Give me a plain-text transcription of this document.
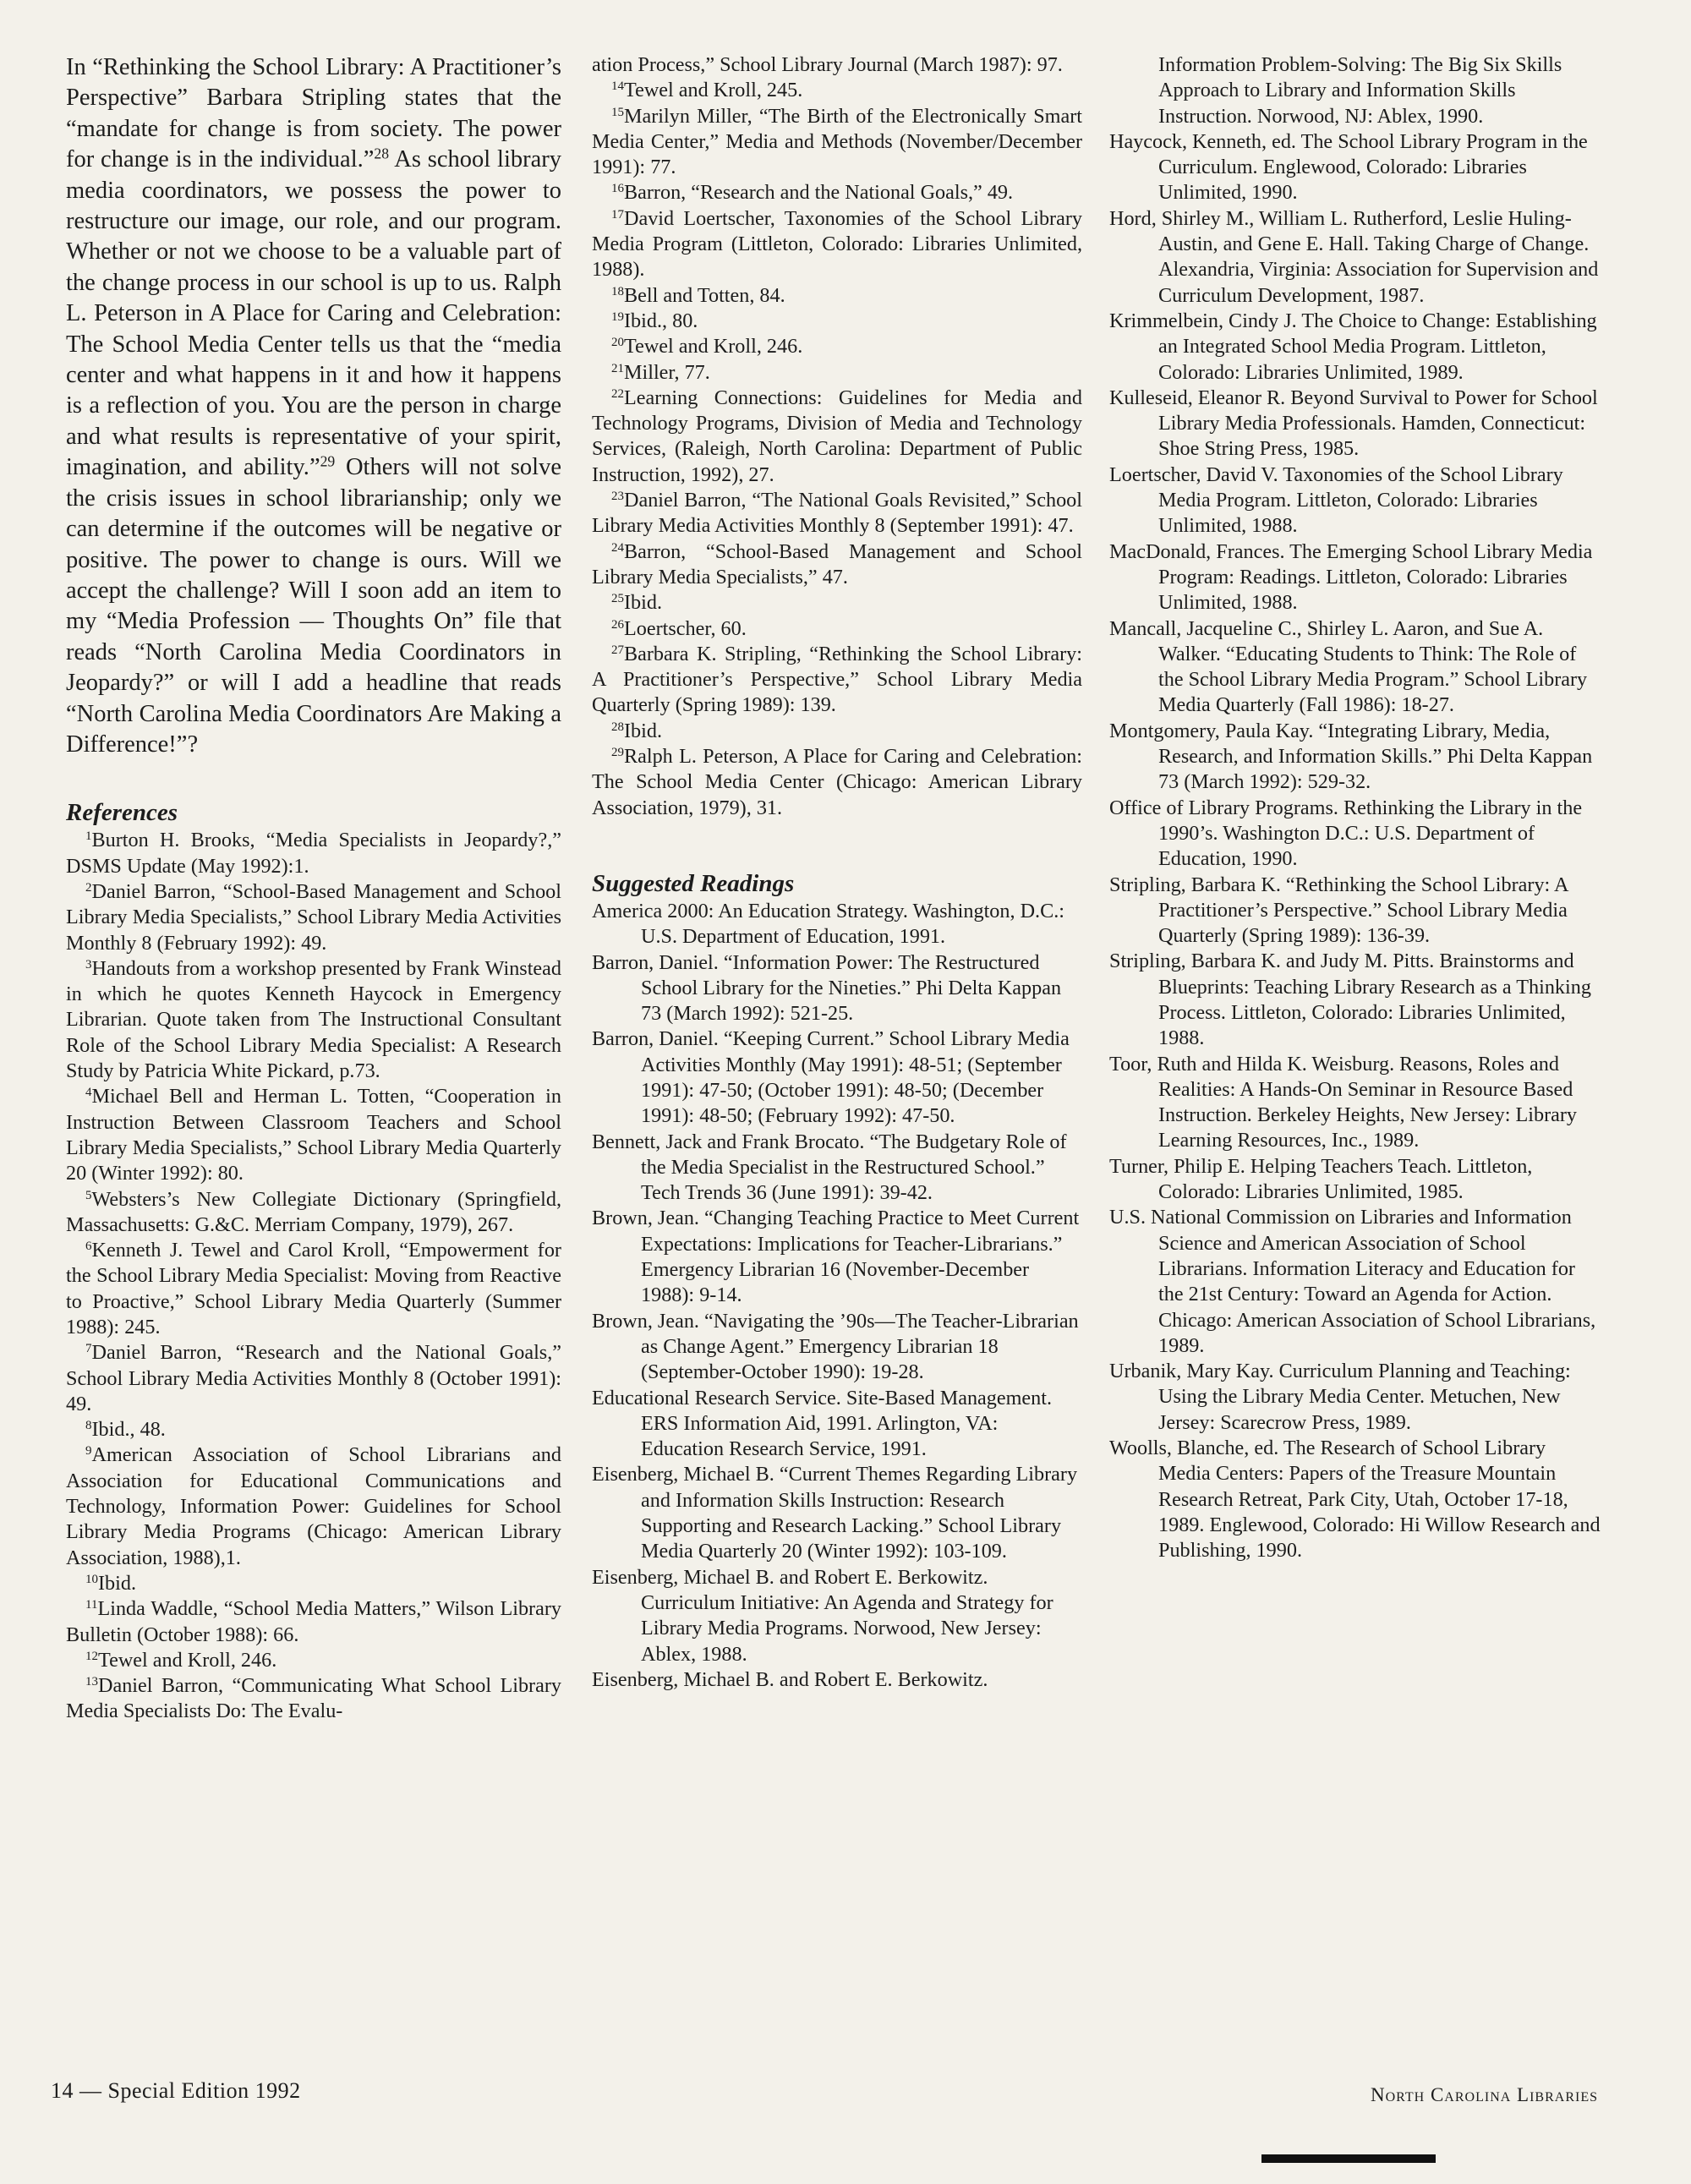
In “Rethinking the School Library: A Practitioner’s Perspective” Barbara Stripling states that the “mandate for change is from society. The power for change is in the individual.”$^{28}$ As school library media coordinators, we possess the power to restructure our image, our role, and our program. Whether or not we choose to be a valuable part of the change process in our school is up to us. Ralph L. Peterson in A Place for Caring and Celebration: The School Media Center tells us that the “media center and what happens in it and how it happens is a reflection of you. You are the person in charge and what results is representative of your spirit, imagination, and ability.”$^{29}$ Others will not solve the crisis issues in school librarianship; only we can determine if the outcomes will be negative or positive. The power to change is ours. Will we accept the challenge? Will I soon add an item to my “Media Profession — Thoughts On” file that reads “North Carolina Media Coordinators in Jeopardy?” or will I add a headline that reads “North Carolina Media Coordinators Are Making a Difference!”?

References

$^1$Burton H. Brooks, “Media Specialists in Jeopardy?,” DSMS Update (May 1992):1.

$^2$Daniel Barron, “School-Based Management and School Library Media Specialists,” School Library Media Activities Monthly 8 (February 1992): 49.

$^3$Handouts from a workshop presented by Frank Winstead in which he quotes Kenneth Haycock in Emergency Librarian. Quote taken from The Instructional Consultant Role of the School Library Media Specialist: A Research Study by Patricia White Pickard, p.73.

$^4$Michael Bell and Herman L. Totten, “Cooperation in Instruction Between Classroom Teachers and School Library Media Specialists,” School Library Media Quarterly 20 (Winter 1992): 80.

$^5$Websters’s New Collegiate Dictionary (Springfield, Massachusetts: G.&C. Merriam Company, 1979), 267.

$^6$Kenneth J. Tewel and Carol Kroll, “Empowerment for the School Library Media Specialist: Moving from Reactive to Proactive,” School Library Media Quarterly (Summer 1988): 245.

$^7$Daniel Barron, “Research and the National Goals,” School Library Media Activities Monthly 8 (October 1991): 49.

$^8$Ibid., 48.

$^9$American Association of School Librarians and Association for Educational Communications and Technology, Information Power: Guidelines for School Library Media Programs (Chicago: American Library Association, 1988),1.

$^{10}$Ibid.

$^{11}$Linda Waddle, “School Media Matters,” Wilson Library Bulletin (October 1988): 66.

$^{12}$Tewel and Kroll, 246.

$^{13}$Daniel Barron, “Communicating What School Library Media Specialists Do: The Evalu-

ation Process,” School Library Journal (March 1987): 97.

$^{14}$Tewel and Kroll, 245.

$^{15}$Marilyn Miller, “The Birth of the Electronically Smart Media Center,” Media and Methods (November/December 1991): 77.

$^{16}$Barron, “Research and the National Goals,” 49.

$^{17}$David Loertscher, Taxonomies of the School Library Media Program (Littleton, Colorado: Libraries Unlimited, 1988).

$^{18}$Bell and Totten, 84.

$^{19}$Ibid., 80.

$^{20}$Tewel and Kroll, 246.

$^{21}$Miller, 77.

$^{22}$Learning Connections: Guidelines for Media and Technology Programs, Division of Media and Technology Services, (Raleigh, North Carolina: Department of Public Instruction, 1992), 27.

$^{23}$Daniel Barron, “The National Goals Revisited,” School Library Media Activities Monthly 8 (September 1991): 47.

$^{24}$Barron, “School-Based Management and School Library Media Specialists,” 47.

$^{25}$Ibid.

$^{26}$Loertscher, 60.

$^{27}$Barbara K. Stripling, “Rethinking the School Library: A Practitioner’s Perspective,” School Library Media Quarterly (Spring 1989): 139.

$^{28}$Ibid.

$^{29}$Ralph L. Peterson, A Place for Caring and Celebration: The School Media Center (Chicago: American Library Association, 1979), 31.

Suggested Readings

America 2000: An Education Strategy. Washington, D.C.: U.S. Department of Education, 1991.

Barron, Daniel. “Information Power: The Restructured School Library for the Nineties.” Phi Delta Kappan 73 (March 1992): 521-25.

Barron, Daniel. “Keeping Current.” School Library Media Activities Monthly (May 1991): 48-51; (September 1991): 47-50; (October 1991): 48-50; (December 1991): 48-50; (February 1992): 47-50.

Bennett, Jack and Frank Brocato. “The Budgetary Role of the Media Specialist in the Restructured School.” Tech Trends 36 (June 1991): 39-42.

Brown, Jean. “Changing Teaching Practice to Meet Current Expectations: Implications for Teacher-Librarians.” Emergency Librarian 16 (November-December 1988): 9-14.

Brown, Jean. “Navigating the ’90s—The Teacher-Librarian as Change Agent.” Emergency Librarian 18 (September-October 1990): 19-28.

Educational Research Service. Site-Based Management. ERS Information Aid, 1991. Arlington, VA: Education Research Service, 1991.

Eisenberg, Michael B. “Current Themes Regarding Library and Information Skills Instruction: Research Supporting and Research Lacking.” School Library Media Quarterly 20 (Winter 1992): 103-109.

Eisenberg, Michael B. and Robert E. Berkowitz. Curriculum Initiative: An Agenda and Strategy for Library Media Programs. Norwood, New Jersey: Ablex, 1988.

Eisenberg, Michael B. and Robert E. Berkowitz.

Information Problem-Solving: The Big Six Skills Approach to Library and Information Skills Instruction. Norwood, NJ: Ablex, 1990.

Haycock, Kenneth, ed. The School Library Program in the Curriculum. Englewood, Colorado: Libraries Unlimited, 1990.

Hord, Shirley M., William L. Rutherford, Leslie Huling-Austin, and Gene E. Hall. Taking Charge of Change. Alexandria, Virginia: Association for Supervision and Curriculum Development, 1987.

Krimmelbein, Cindy J. The Choice to Change: Establishing an Integrated School Media Program. Littleton, Colorado: Libraries Unlimited, 1989.

Kulleseid, Eleanor R. Beyond Survival to Power for School Library Media Professionals. Hamden, Connecticut: Shoe String Press, 1985.

Loertscher, David V. Taxonomies of the School Library Media Program. Littleton, Colorado: Libraries Unlimited, 1988.

MacDonald, Frances. The Emerging School Library Media Program: Readings. Littleton, Colorado: Libraries Unlimited, 1988.

Mancall, Jacqueline C., Shirley L. Aaron, and Sue A. Walker. “Educating Students to Think: The Role of the School Library Media Program.” School Library Media Quarterly (Fall 1986): 18-27.

Montgomery, Paula Kay. “Integrating Library, Media, Research, and Information Skills.” Phi Delta Kappan 73 (March 1992): 529-32.

Office of Library Programs. Rethinking the Library in the 1990’s. Washington D.C.: U.S. Department of Education, 1990.

Stripling, Barbara K. “Rethinking the School Library: A Practitioner’s Perspective.” School Library Media Quarterly (Spring 1989): 136-39.

Stripling, Barbara K. and Judy M. Pitts. Brainstorms and Blueprints: Teaching Library Research as a Thinking Process. Littleton, Colorado: Libraries Unlimited, 1988.

Toor, Ruth and Hilda K. Weisburg. Reasons, Roles and Realities: A Hands-On Seminar in Resource Based Instruction. Berkeley Heights, New Jersey: Library Learning Resources, Inc., 1989.

Turner, Philip E. Helping Teachers Teach. Littleton, Colorado: Libraries Unlimited, 1985.

U.S. National Commission on Libraries and Information Science and American Association of School Librarians. Information Literacy and Education for the 21st Century: Toward an Agenda for Action. Chicago: American Association of School Librarians, 1989.

Urbanik, Mary Kay. Curriculum Planning and Teaching: Using the Library Media Center. Metuchen, New Jersey: Scarecrow Press, 1989.

Woolls, Blanche, ed. The Research of School Library Media Centers: Papers of the Treasure Mountain Research Retreat, Park City, Utah, October 17-18, 1989. Englewood, Colorado: Hi Willow Research and Publishing, 1990.

14 — Special Edition 1992	North Carolina Libraries
